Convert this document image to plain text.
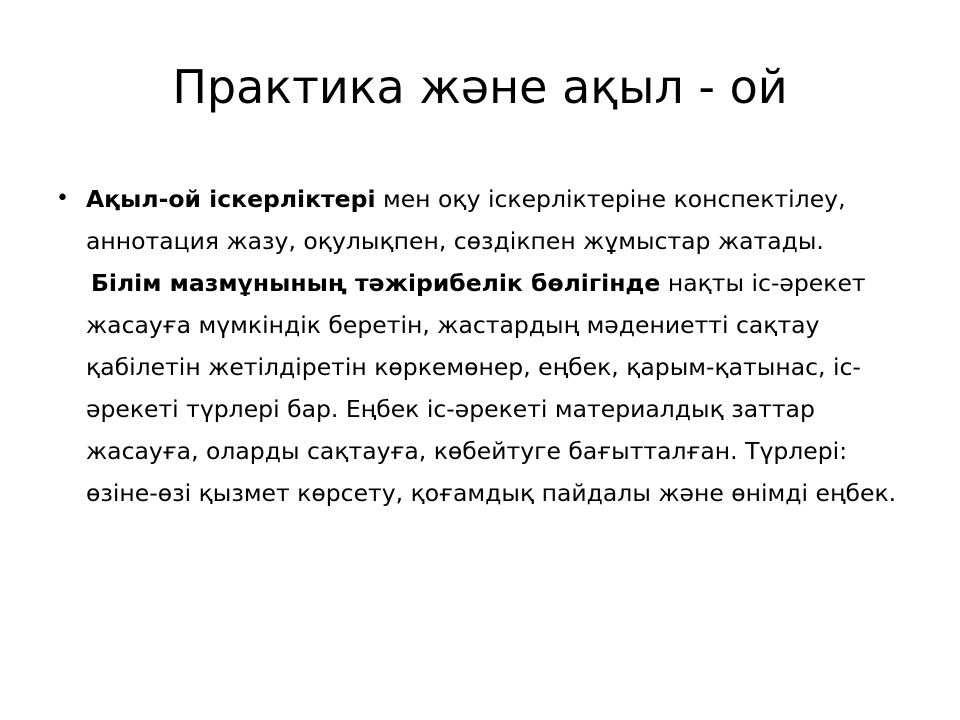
Практика және ақыл - ой
• Ақыл-ой іскерліктері мен оқу іскерліктеріне конспектілеу, аннотация жазу, оқулықпен, сөздікпен жұмыстар жатады. Білім мазмұнының тәжірибелік бөлігінде нақты іс-әрекет жасауға мүмкіндік беретін, жастардың мәдениетті сақтау қабілетін жетілдіретін көркемөнер, еңбек, қарым-қатынас, іс-әрекеті түрлері бар. Еңбек іс-әрекеті материалдық заттар жасауға, оларды сақтауға, көбейтуге бағытталған. Түрлері: өзіне-өзі қызмет көрсету, қоғамдық пайдалы және өнімді еңбек.
